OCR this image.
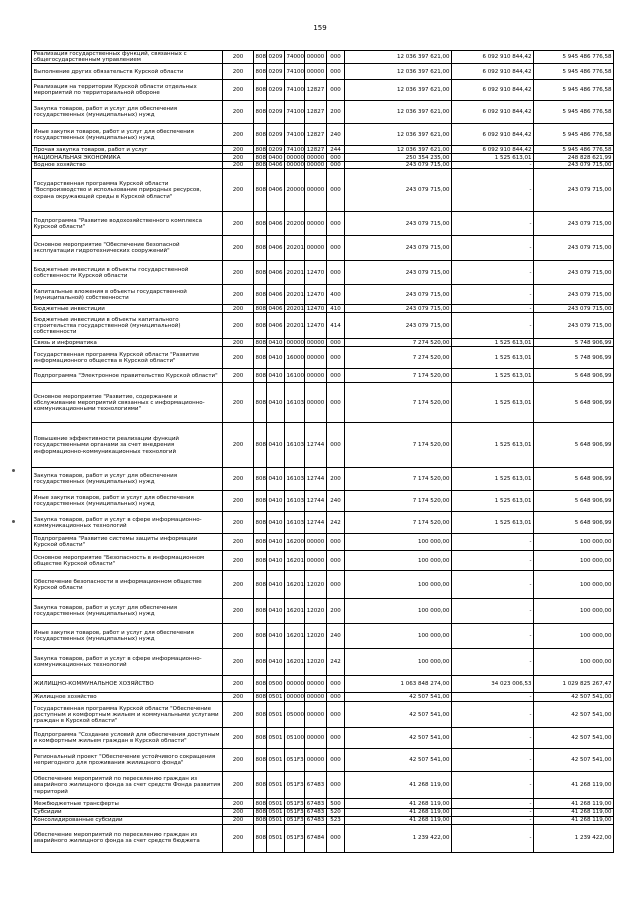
159
Реализация государственных функций, связанных с общегосударственным управлением	200	808	0209	74000	00000	000	12 036 397 621,00	6 092 910 844,42	5 945 486 776,58
Выполнение других обязательств Курской области	200	808	0209	74100	00000	000	12 036 397 621,00	6 092 910 844,42	5 945 486 776,58
Реализация на территории Курской области отдельных мероприятий по территориальной обороне	200	808	0209	74100	12827	000	12 036 397 621,00	6 092 910 844,42	5 945 486 776,58
Закупка товаров, работ и услуг для обеспечения государственных (муниципальных) нужд	200	808	0209	74100	12827	200	12 036 397 621,00	6 092 910 844,42	5 945 486 776,58
Иные закупки товаров, работ и услуг для обеспечения государственных (муниципальных) нужд	200	808	0209	74100	12827	240	12 036 397 621,00	6 092 910 844,42	5 945 486 776,58
Прочая закупка товаров, работ и услуг	200	808	0209	74100	12827	244	12 036 397 621,00	6 092 910 844,42	5 945 486 776,58
НАЦИОНАЛЬНАЯ ЭКОНОМИКА	200	808	0400	00000	00000	000	250 354 235,00	1 525 613,01	248 828 621,99
Водное хозяйство	200	808	0406	00000	00000	000	243 079 715,00	-	243 079 715,00
Государственная программа Курской области "Воспроизводство и использование природных ресурсов, охрана окружающей среды в Курской области"	200	808	0406	20000	00000	000	243 079 715,00	-	243 079 715,00
Подпрограмма "Развитие водохозяйственного комплекса Курской области"	200	808	0406	20200	00000	000	243 079 715,00	-	243 079 715,00
Основное мероприятие "Обеспечение безопасной эксплуатации гидротехнических сооружений"	200	808	0406	20201	00000	000	243 079 715,00	-	243 079 715,00
Бюджетные инвестиции в объекты государственной собственности Курской области	200	808	0406	20201	12470	000	243 079 715,00	-	243 079 715,00
Капитальные вложения в объекты государственной (муниципальной) собственности	200	808	0406	20201	12470	400	243 079 715,00	-	243 079 715,00
Бюджетные инвестиции	200	808	0406	20201	12470	410	243 079 715,00	-	243 079 715,00
Бюджетные инвестиции в объекты капитального строительства государственной (муниципальной) собственности	200	808	0406	20201	12470	414	243 079 715,00	-	243 079 715,00
Связь и информатика	200	808	0410	00000	00000	000	7 274 520,00	1 525 613,01	5 748 906,99
Государственная программа Курской области "Развитие информационного общества в Курской области"	200	808	0410	16000	00000	000	7 274 520,00	1 525 613,01	5 748 906,99
Подпрограмма "Электронное правительство Курской области"	200	808	0410	16100	00000	000	7 174 520,00	1 525 613,01	5 648 906,99
Основное мероприятие "Развитие, содержание и обслуживание мероприятий связанных с информационно-коммуникационными технологиями"	200	808	0410	16103	00000	000	7 174 520,00	1 525 613,01	5 648 906,99
Повышение эффективности реализации функций государственными органами за счет внедрения информационно-коммуникационных технологий	200	808	0410	16103	12744	000	7 174 520,00	1 525 613,01	5 648 906,99
Закупка товаров, работ и услуг для обеспечения государственных (муниципальных) нужд	200	808	0410	16103	12744	200	7 174 520,00	1 525 613,01	5 648 906,99
Иные закупки товаров, работ и услуг для обеспечения государственных (муниципальных) нужд	200	808	0410	16103	12744	240	7 174 520,00	1 525 613,01	5 648 906,99
Закупка товаров, работ и услуг в сфере информационно-коммуникационных технологий	200	808	0410	16103	12744	242	7 174 520,00	1 525 613,01	5 648 906,99
Подпрограмма "Развитие системы защиты информации Курской области"	200	808	0410	16200	00000	000	100 000,00	-	100 000,00
Основное мероприятие "Безопасность в информационном обществе Курской области"	200	808	0410	16201	00000	000	100 000,00	-	100 000,00
Обеспечение безопасности в информационном обществе Курской области	200	808	0410	16201	12020	000	100 000,00	-	100 000,00
Закупка товаров, работ и услуг для обеспечения государственных (муниципальных) нужд	200	808	0410	16201	12020	200	100 000,00	-	100 000,00
Иные закупки товаров, работ и услуг для обеспечения государственных (муниципальных) нужд	200	808	0410	16201	12020	240	100 000,00	-	100 000,00
Закупка товаров, работ и услуг в сфере информационно-коммуникационных технологий	200	808	0410	16201	12020	242	100 000,00	-	100 000,00
ЖИЛИЩНО-КОММУНАЛЬНОЕ ХОЗЯЙСТВО	200	808	0500	00000	00000	000	1 063 848 274,00	34 023 006,53	1 029 825 267,47
Жилищное хозяйство	200	808	0501	00000	00000	000	42 507 541,00	-	42 507 541,00
Государственная программа Курской области "Обеспечение доступным и комфортным жильем и коммунальными услугами граждан в Курской области"	200	808	0501	05000	00000	000	42 507 541,00	-	42 507 541,00
Подпрограмма "Создание условий для обеспечения доступным и комфортным жильем граждан в Курской области"	200	808	0501	05100	00000	000	42 507 541,00	-	42 507 541,00
Региональный проект "Обеспечение устойчивого сокращения непригодного для проживания жилищного фонда"	200	808	0501	051F3	00000	000	42 507 541,00	-	42 507 541,00
Обеспечение мероприятий по переселению граждан из аварийного жилищного фонда за счет средств Фонда развития территорий	200	808	0501	051F3	67483	000	41 268 119,00	-	41 268 119,00
Межбюджетные трансферты	200	808	0501	051F3	67483	500	41 268 119,00	-	41 268 119,00
Субсидии	200	808	0501	051F3	67483	520	41 268 119,00	-	41 268 119,00
Консолидированные субсидии	200	808	0501	051F3	67483	523	41 268 119,00	-	41 268 119,00
Обеспечение мероприятий по переселению граждан из аварийного жилищного фонда за счет средств бюджета	200	808	0501	051F3	67484	000	1 239 422,00	-	1 239 422,00
